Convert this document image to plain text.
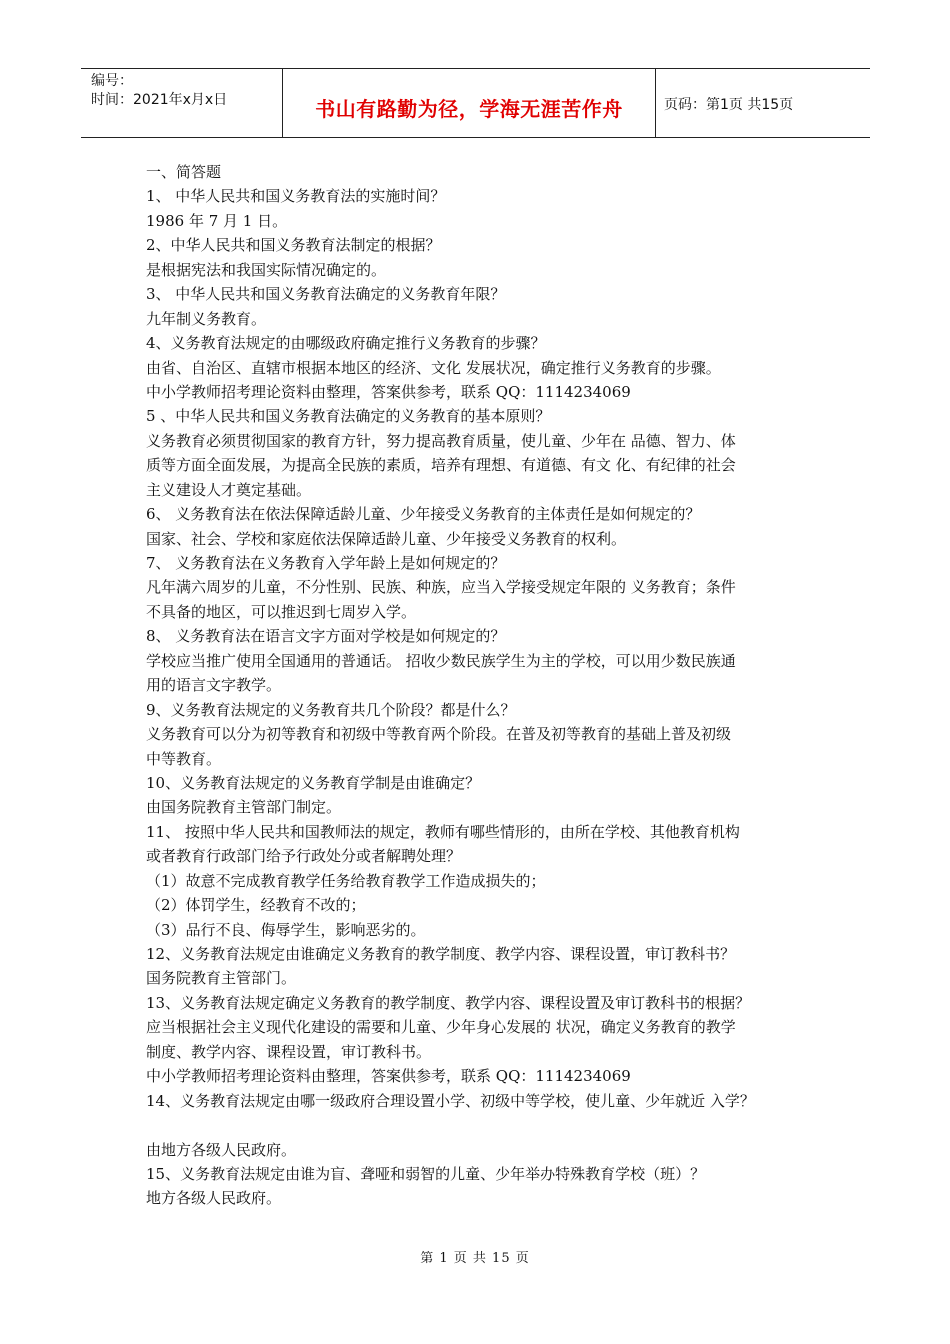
编号：
时间：2021年x月x日	书山有路勤为径，学海无涯苦作舟	页码：第1页 共15页
一、简答题
1、 中华人民共和国义务教育法的实施时间？
1986 年 7 月 1 日。
2、中华人民共和国义务教育法制定的根据？
是根据宪法和我国实际情况确定的。
3、 中华人民共和国义务教育法确定的义务教育年限？
九年制义务教育。
4、义务教育法规定的由哪级政府确定推行义务教育的步骤？
由省、自治区、直辖市根据本地区的经济、文化 发展状况，确定推行义务教育的步骤。
中小学教师招考理论资料由整理，答案供参考，联系 QQ：1114234069
5 、中华人民共和国义务教育法确定的义务教育的基本原则？
义务教育必须贯彻国家的教育方针，努力提高教育质量，使儿童、少年在 品德、智力、体
质等方面全面发展，为提高全民族的素质，培养有理想、有道德、有文 化、有纪律的社会
主义建设人才奠定基础。
6、 义务教育法在依法保障适龄儿童、少年接受义务教育的主体责任是如何规定的？
国家、社会、学校和家庭依法保障适龄儿童、少年接受义务教育的权利。
7、 义务教育法在义务教育入学年龄上是如何规定的？
凡年满六周岁的儿童，不分性别、民族、种族，应当入学接受规定年限的 义务教育；条件
不具备的地区，可以推迟到七周岁入学。
8、 义务教育法在语言文字方面对学校是如何规定的？
学校应当推广使用全国通用的普通话。 招收少数民族学生为主的学校，可以用少数民族通
用的语言文字教学。
9、义务教育法规定的义务教育共几个阶段？都是什么？
义务教育可以分为初等教育和初级中等教育两个阶段。在普及初等教育的基础上普及初级
中等教育。
10、义务教育法规定的义务教育学制是由谁确定？
由国务院教育主管部门制定。
11、 按照中华人民共和国教师法的规定，教师有哪些情形的，由所在学校、其他教育机构
或者教育行政部门给予行政处分或者解聘处理？
（1）故意不完成教育教学任务给教育教学工作造成损失的；
（2）体罚学生，经教育不改的；
（3）品行不良、侮辱学生，影响恶劣的。
12、义务教育法规定由谁确定义务教育的教学制度、教学内容、课程设置，审订教科书？
国务院教育主管部门。
13、义务教育法规定确定义务教育的教学制度、教学内容、课程设置及审订教科书的根据？
应当根据社会主义现代化建设的需要和儿童、少年身心发展的 状况，确定义务教育的教学
制度、教学内容、课程设置，审订教科书。
中小学教师招考理论资料由整理，答案供参考，联系 QQ：1114234069
14、义务教育法规定由哪一级政府合理设置小学、初级中等学校，使儿童、少年就近 入学？
由地方各级人民政府。
15、义务教育法规定由谁为盲、聋哑和弱智的儿童、少年举办特殊教育学校（班）？
地方各级人民政府。
第 1 页 共 15 页
